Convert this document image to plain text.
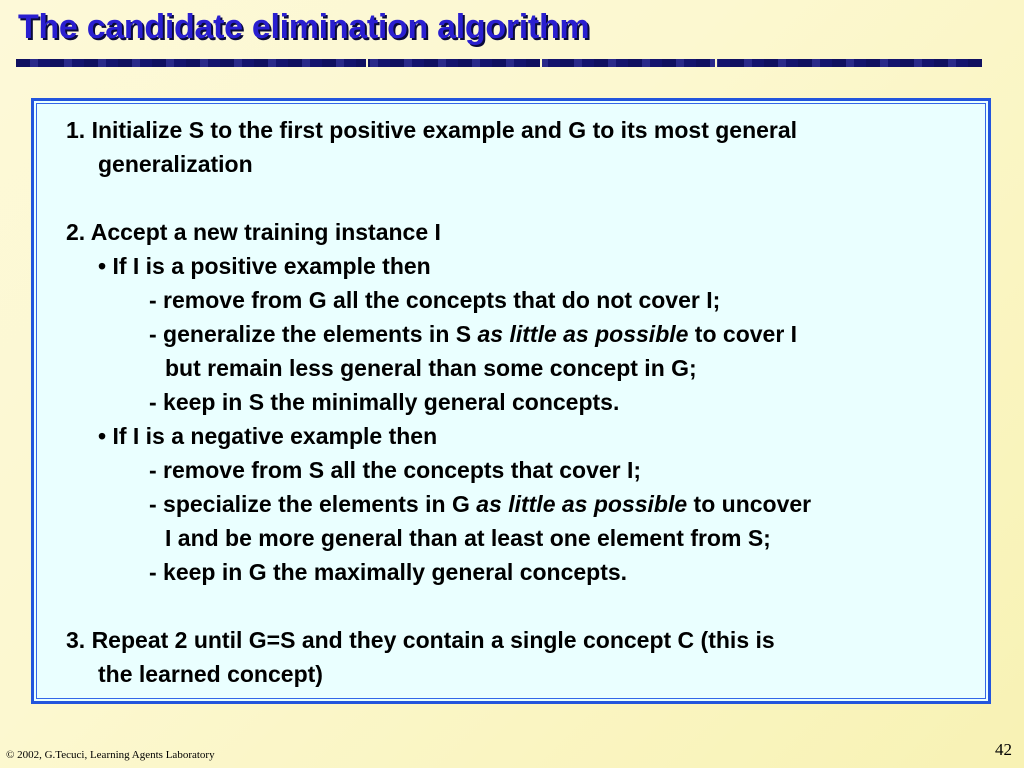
The candidate elimination algorithm
1. Initialize S to the first positive example and G to its most general
generalization
2. Accept a new training instance I
• If I is a positive example then
- remove from G all the concepts that do not cover I;
- generalize the elements in S as little as possible to cover I
but remain less general than some concept in G;
- keep in S the minimally general concepts.
• If I is a negative example then
- remove from S all the concepts that cover I;
- specialize the elements in G as little as possible to uncover
I and be more general than at least one element from S;
- keep in G the maximally general concepts.
3. Repeat 2 until G=S and they contain a single concept C (this is
the learned concept)
© 2002, G.Tecuci, Learning Agents Laboratory	42
